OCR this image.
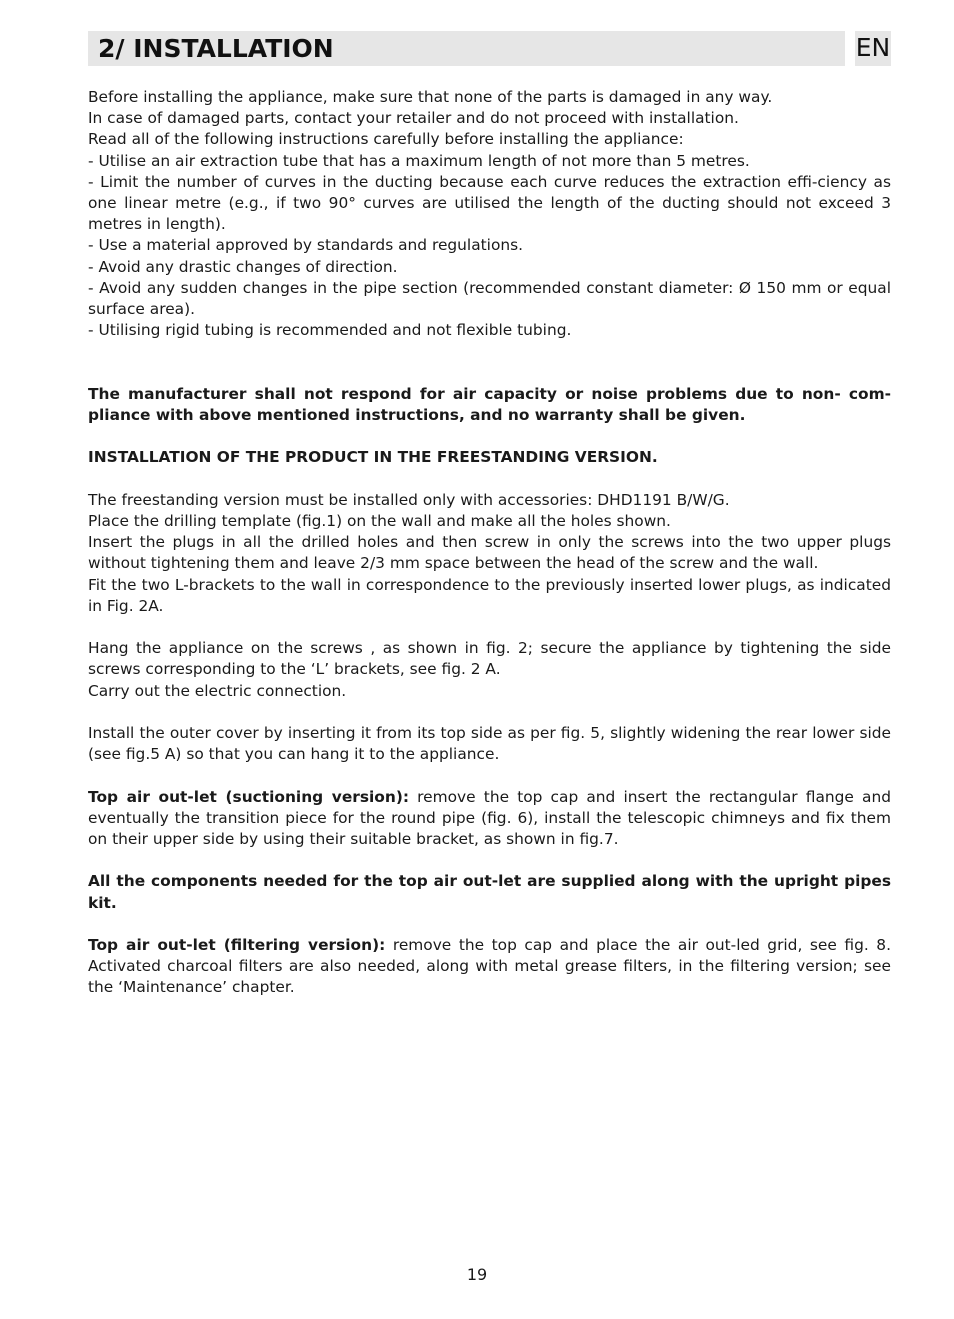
2/ INSTALLATION	EN

Before installing the appliance, make sure that none of the parts is damaged in any way.

In case of damaged parts, contact your retailer and do not proceed with installation.

Read all of the following instructions carefully before installing the appliance:

- Utilise an air extraction tube that has a maximum length of not more than 5 metres.

- Limit the number of curves in the ducting because each curve reduces the extraction effi-ciency as one linear metre (e.g., if two 90° curves are utilised the length of the ducting should not exceed 3 metres in length).

- Use a material approved by standards and regulations.

- Avoid any drastic changes of direction.

- Avoid any sudden changes in the pipe section (recommended constant diameter: Ø 150 mm or equal surface area).

- Utilising rigid tubing is recommended and not flexible tubing.

The manufacturer shall not respond for air capacity or noise problems due to non- com-pliance with above mentioned instructions, and no warranty shall be given.

INSTALLATION OF THE PRODUCT IN THE FREESTANDING VERSION.

The freestanding version must be installed only with accessories: DHD1191 B/W/G.

Place the drilling template (fig.1) on the wall and make all the holes shown.

Insert the plugs in all the drilled holes and then screw in only the screws into the two upper plugs without tightening them and leave 2/3 mm space between the head of the screw and the wall.

Fit the two L-brackets to the wall in correspondence to the previously inserted lower plugs, as indicated in Fig. 2A.

Hang the appliance on the screws , as shown in fig. 2; secure the appliance by tightening the side screws corresponding to the ‘L’ brackets, see fig. 2 A.

Carry out the electric connection.

Install the outer cover by inserting it from its top side as per fig. 5, slightly widening the rear lower side (see fig.5 A) so that you can hang it to the appliance.

Top air out-let (suctioning version): remove the top cap and insert the rectangular flange and eventually the transition piece for the round pipe (fig. 6), install the telescopic chimneys and fix them on their upper side by using their suitable bracket, as shown in fig.7.

All the components needed for the top air out-let are supplied along with the upright pipes kit.

Top air out-let (filtering version): remove the top cap and place the air out-led grid, see fig. 8. Activated charcoal filters are also needed, along with metal grease filters, in the filtering version; see the ‘Maintenance’ chapter.

19
